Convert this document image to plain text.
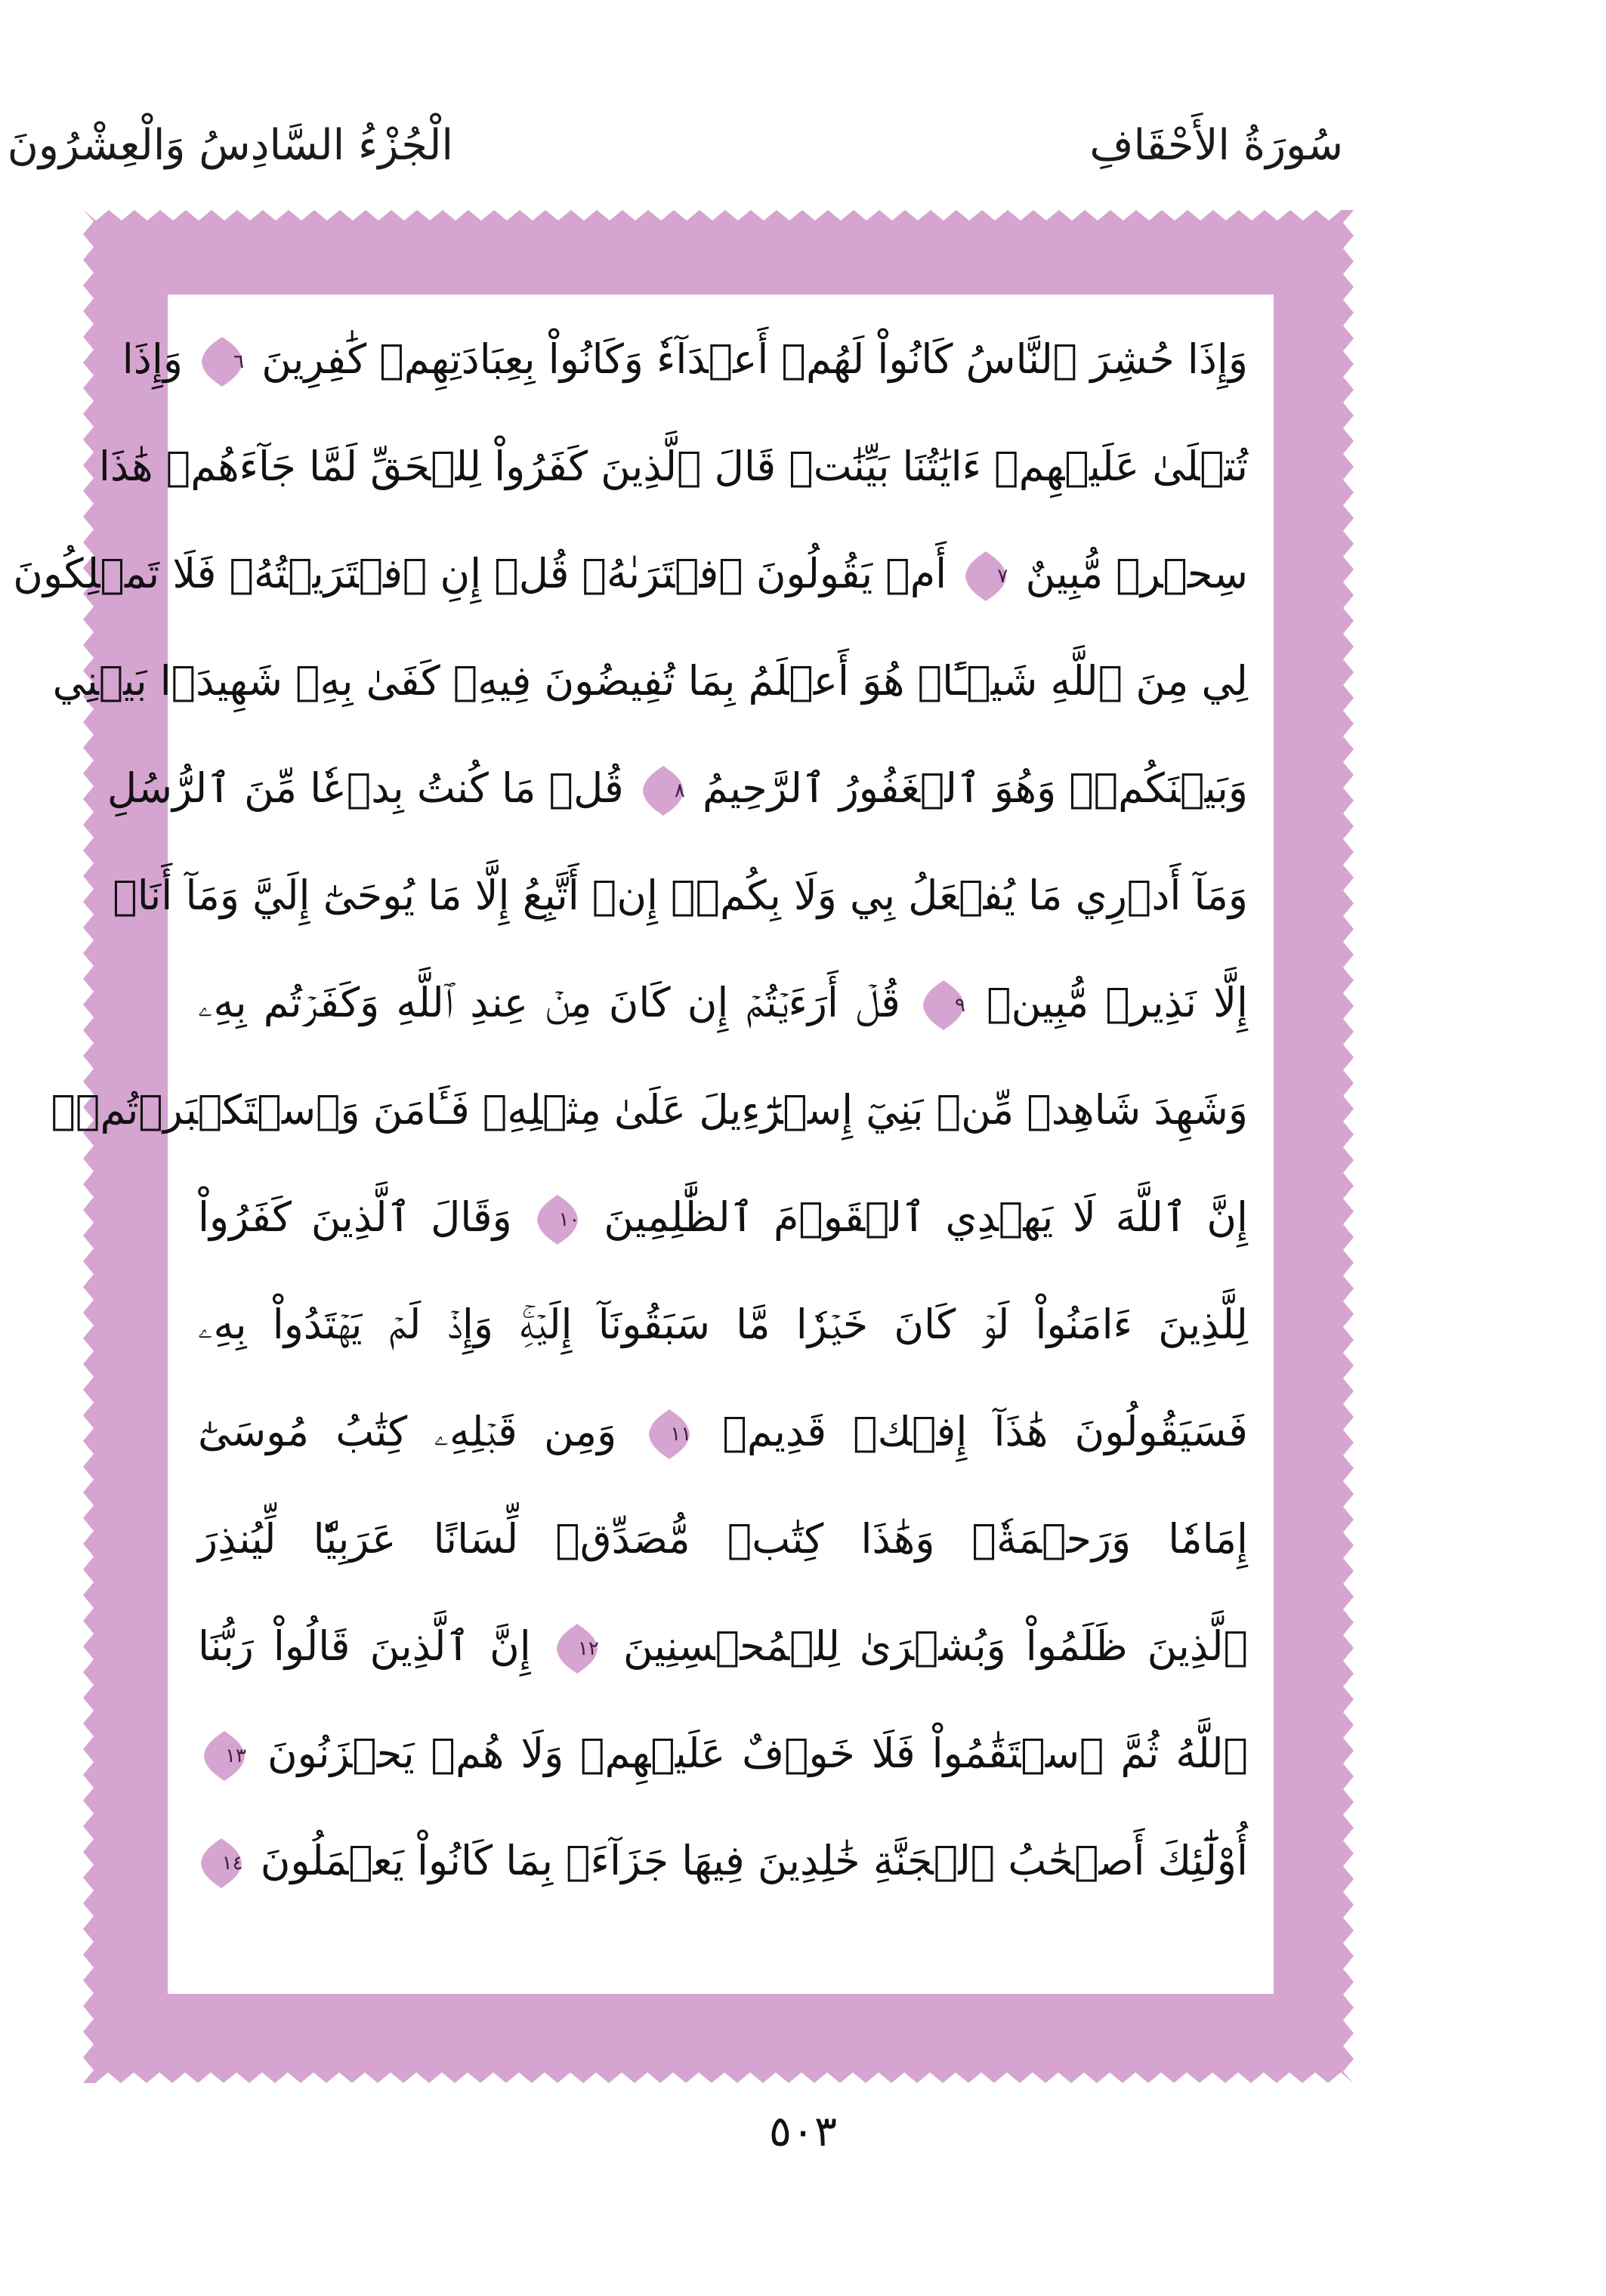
سُورَةُ الأَحْقَافِ
الْجُزْءُ السَّادِسُ وَالْعِشْرُونَ
وَإِذَا حُشِرَ ٱلنَّاسُ كَانُواْ لَهُمۡ أَعۡدَآءٗ وَكَانُواْ بِعِبَادَتِهِمۡ كَٰفِرِينَ
٦
وَإِذَا
تُتۡلَىٰ عَلَيۡهِمۡ ءَايَٰتُنَا بَيِّنَٰتٖ قَالَ ٱلَّذِينَ كَفَرُواْ لِلۡحَقِّ لَمَّا جَآءَهُمۡ هَٰذَا
سِحۡرٞ مُّبِينٌ
٧
أَمۡ يَقُولُونَ ٱفۡتَرَىٰهُۖ قُلۡ إِنِ ٱفۡتَرَيۡتُهُۥ فَلَا تَمۡلِكُونَ
لِي مِنَ ٱللَّهِ شَيۡـًٔاۖ هُوَ أَعۡلَمُ بِمَا تُفِيضُونَ فِيهِۖ كَفَىٰ بِهِۦ شَهِيدَۢا بَيۡنِي
وَبَيۡنَكُمۡۖ وَهُوَ ٱلۡغَفُورُ ٱلرَّحِيمُ
٨
قُلۡ مَا كُنتُ بِدۡعٗا مِّنَ ٱلرُّسُلِ
وَمَآ أَدۡرِي مَا يُفۡعَلُ بِي وَلَا بِكُمۡۖ إِنۡ أَتَّبِعُ إِلَّا مَا يُوحَىٰٓ إِلَيَّ وَمَآ أَنَا۠
إِلَّا نَذِيرٞ مُّبِينٞ
٩
قُلۡ أَرَءَيۡتُمۡ إِن كَانَ مِنۡ عِندِ ٱللَّهِ وَكَفَرۡتُم بِهِۦ
وَشَهِدَ شَاهِدٞ مِّنۢ بَنِيٓ إِسۡرَٰٓءِيلَ عَلَىٰ مِثۡلِهِۦ فَـَٔامَنَ وَٱسۡتَكۡبَرۡتُمۡۚ
إِنَّ ٱللَّهَ لَا يَهۡدِي ٱلۡقَوۡمَ ٱلظَّٰلِمِينَ
١٠
وَقَالَ ٱلَّذِينَ كَفَرُواْ
لِلَّذِينَ ءَامَنُواْ لَوۡ كَانَ خَيۡرٗا مَّا سَبَقُونَآ إِلَيۡهِۚ وَإِذۡ لَمۡ يَهۡتَدُواْ بِهِۦ
فَسَيَقُولُونَ هَٰذَآ إِفۡكٞ قَدِيمٞ
١١
وَمِن قَبۡلِهِۦ كِتَٰبُ مُوسَىٰٓ
إِمَامٗا وَرَحۡمَةٗۚ وَهَٰذَا كِتَٰبٞ مُّصَدِّقٞ لِّسَانًا عَرَبِيّٗا لِّيُنذِرَ
ٱلَّذِينَ ظَلَمُواْ وَبُشۡرَىٰ لِلۡمُحۡسِنِينَ
١٢
إِنَّ ٱلَّذِينَ قَالُواْ رَبُّنَا
ٱللَّهُ ثُمَّ ٱسۡتَقَٰمُواْ فَلَا خَوۡفٌ عَلَيۡهِمۡ وَلَا هُمۡ يَحۡزَنُونَ
١٣
أُوْلَٰٓئِكَ أَصۡحَٰبُ ٱلۡجَنَّةِ خَٰلِدِينَ فِيهَا جَزَآءَۢ بِمَا كَانُواْ يَعۡمَلُونَ
١٤
٥٠٣
